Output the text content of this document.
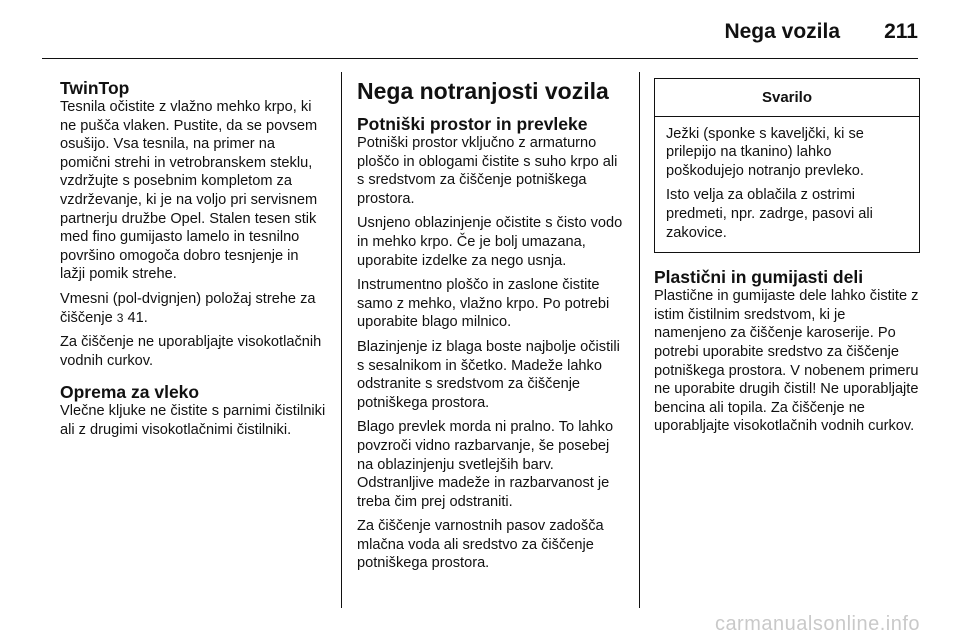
Nega vozila 211
TwinTop

Tesnila očistite z vlažno mehko krpo, ki ne pušča vlaken. Pustite, da se povsem osušijo. Vsa tesnila, na primer na pomični strehi in vetrobranskem steklu, vzdržujte s posebnim kompletom za vzdrževanje, ki je na voljo pri servisnem partnerju družbe Opel. Stalen tesen stik med fino gumijasto lamelo in tesnilno površino omogoča dobro tesnjenje in lažji pomik strehe.

Vmesni (pol-dvignjen) položaj strehe za čiščenje 3 41.

Za čiščenje ne uporabljajte visokotlačnih vodnih curkov.

Oprema za vleko

Vlečne kljuke ne čistite s parnimi čistilniki ali z drugimi visokotlačnimi čistilniki.

Nega notranjosti vozila
Potniški prostor in prevleke

Potniški prostor vključno z armaturno ploščo in oblogami čistite s suho krpo ali s sredstvom za čiščenje potniškega prostora.

Usnjeno oblazinjenje očistite s čisto vodo in mehko krpo. Če je bolj umazana, uporabite izdelke za nego usnja.

Instrumentno ploščo in zaslone čistite samo z mehko, vlažno krpo. Po potrebi uporabite blago milnico.

Blazinjenje iz blaga boste najbolje očistili s sesalnikom in ščetko. Madeže lahko odstranite s sredstvom za čiščenje potniškega prostora.

Blago prevlek morda ni pralno. To lahko povzroči vidno razbarvanje, še posebej na oblazinjenju svetlejših barv. Odstranljive madeže in razbarvanost je treba čim prej odstraniti.

Za čiščenje varnostnih pasov zadošča mlačna voda ali sredstvo za čiščenje potniškega prostora.

Svarilo

Ježki (sponke s kaveljčki, ki se prilepijo na tkanino) lahko poškodujejo notranjo prevleko.

Isto velja za oblačila z ostrimi predmeti, npr. zadrge, pasovi ali zakovice.

Plastični in gumijasti deli

Plastične in gumijaste dele lahko čistite z istim čistilnim sredstvom, ki je namenjeno za čiščenje karoserije. Po potrebi uporabite sredstvo za čiščenje potniškega prostora. V nobenem primeru ne uporabite drugih čistil! Ne uporabljajte bencina ali topila. Za čiščenje ne uporabljajte visokotlačnih vodnih curkov.

carmanualsonline.info
